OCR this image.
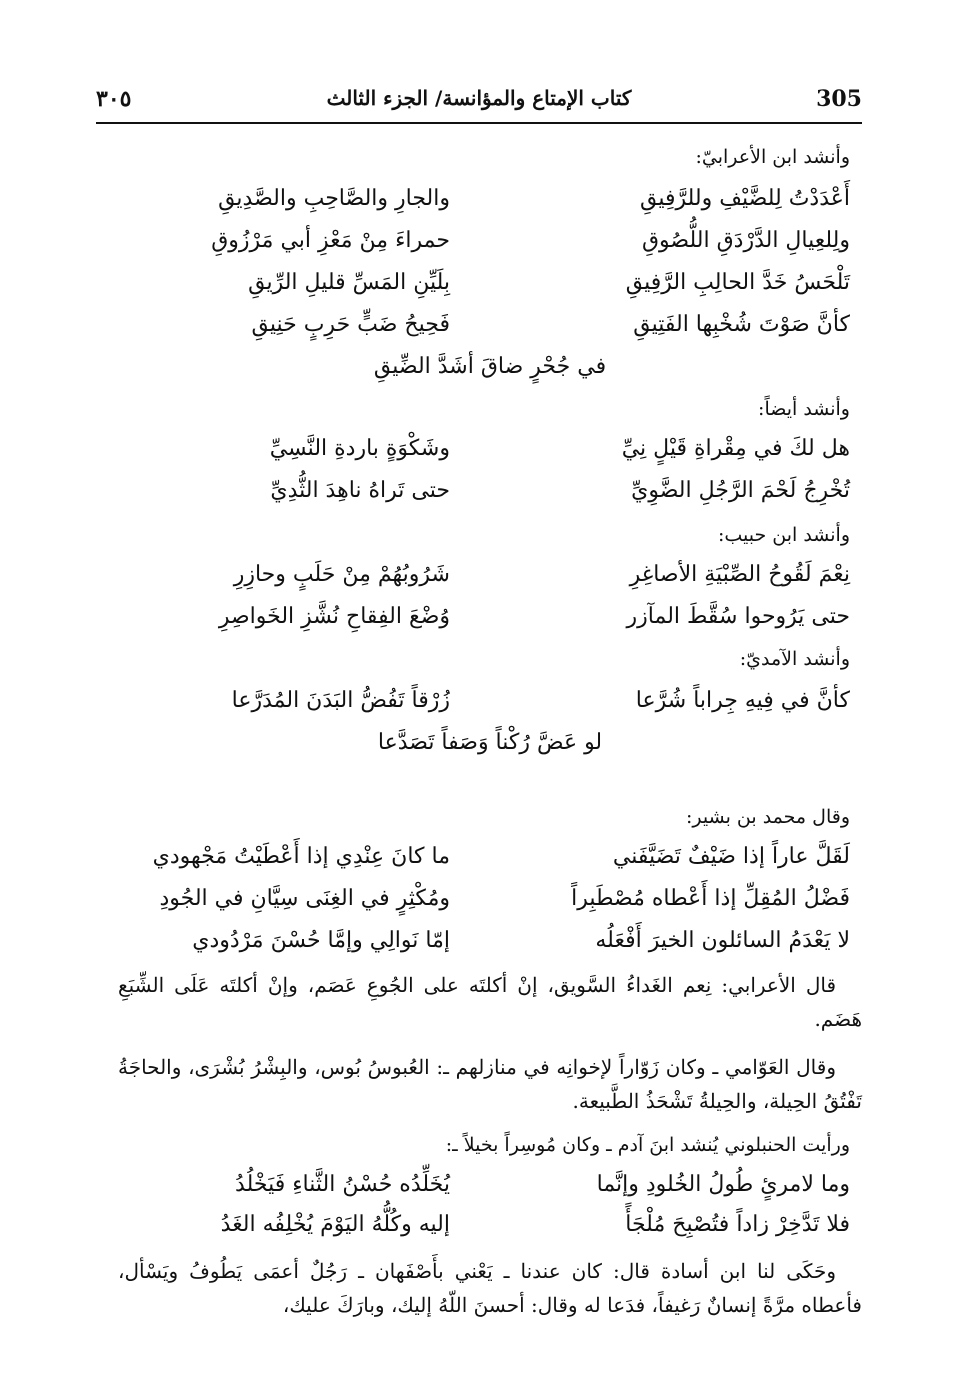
305
كتاب الإمتاع والمؤانسة/ الجزء الثالث
٣٠٥
وأنشد ابن الأعرابيّ:
أَعْدَدْتُ لِلضَّيْفِ وللرَّفِيقِ
والجارِ والصَّاحِبِ والصَّدِيقِ
ولِلعِيالِ الدَّرْدَقِ اللُّصُوقِ
حمراءَ مِنْ مَعْزِ أبي مَرْزُوقِ
تَلْحَسُ خَدَّ الحالِبِ الرَّفِيقِ
بِلَيِّنِ المَسِّ قليلِ الرِّيقِ
كأنَّ صَوْتَ شُخْبِها الفَتِيقِ
فَحِيحُ ضَبٍّ حَرِبٍ حَنِيقِ
في جُحْرٍ ضاقَ أشَدَّ الضِّيقِ
وأنشد أيضاً:
هل لكَ في مِقْراةِ قَيْلٍ نِيِّ
وشَكْوَةٍ باردةِ النَّسِيِّ
تُخْرِجُ لَحْمَ الرَّجُلِ الضَّوِيِّ
حتى تَراهُ ناهِدَ الثُّدِيِّ
وأنشد ابن حبيب:
نِعْمَ لَقُوحُ الصِّبْيَةِ الأصاغِرِ
شَرُوبُهُمْ مِنْ حَلَبٍ وحازِرِ
حتى يَرُوحوا سُقَّطَ المآزر
وُضْعَ الفِقاحِ نُشَّزِ الخَواصِرِ
وأنشد الآمديّ:
كأنَّ في فِيهِ جِراباً شُرَّعا
زُرْقاً تَفُضُّ البَدَنَ المُدَرَّعا
لو عَضَّ رُكْناً وَصَفاً تَصَدَّعا
وقال محمد بن بشير:
لَقَلَّ عاراً إذا ضَيْفٌ تَضَيَّفَني
ما كانَ عِنْدِي إذا أَعْطَيْتُ مَجْهودي
فَضْلُ المُقِلِّ إذا أَعْطاه مُصْطَبِراً
ومُكْثِرٍ في الغِنَى سِيَّانِ في الجُودِ
لا يَعْدَمُ السائلون الخيرَ أَفْعَلُه
إمّا نَوالِي وإمَّا حُسْنَ مَرْدُودي
قال الأعرابي: نِعم الغَداءُ السَّويق، إنْ أكلتَه على الجُوعِ عَصَم، وإنْ أكلتَه عَلَى الشِّبَعِ هَضَم.
وقال العَوّامي ـ وكان زَوّاراً لإخوانِه في منازلهم ـ: العُبوسُ بُوس، والبِشْرُ بُشْرَى، والحاجَةُ تَفْتُقُ الحِيلة، والحِيلةُ تَشْحَذُ الطَّبيعة.
ورأيت الحنبلوني يُنشد ابنَ آدم ـ وكان مُوسِراً بخيلاً ـ:
وما لامرئٍ طُولُ الخُلودِ وإنَّما
يُخَلِّدُه حُسْنُ الثَّناءِ فَيَخْلُدُ
فلا تَدَّخِرْ زاداً فتُصْبِحَ مُلْجَأً
إليه وكُلُّهُ اليَوْمَ يُخْلِفُه الغَدُ
وحَكَى لنا ابن أسادة قال: كان عندنا ـ يَعْني بأَصْفَهان ـ رَجُلٌ أعمَى يَطُوفُ ويَسْأل، فأعطاه مرَّةً إنسانٌ رَغيفاً، فدَعا له وقال: أحسنَ اللّهُ إليك، وبارَكَ عليك،
